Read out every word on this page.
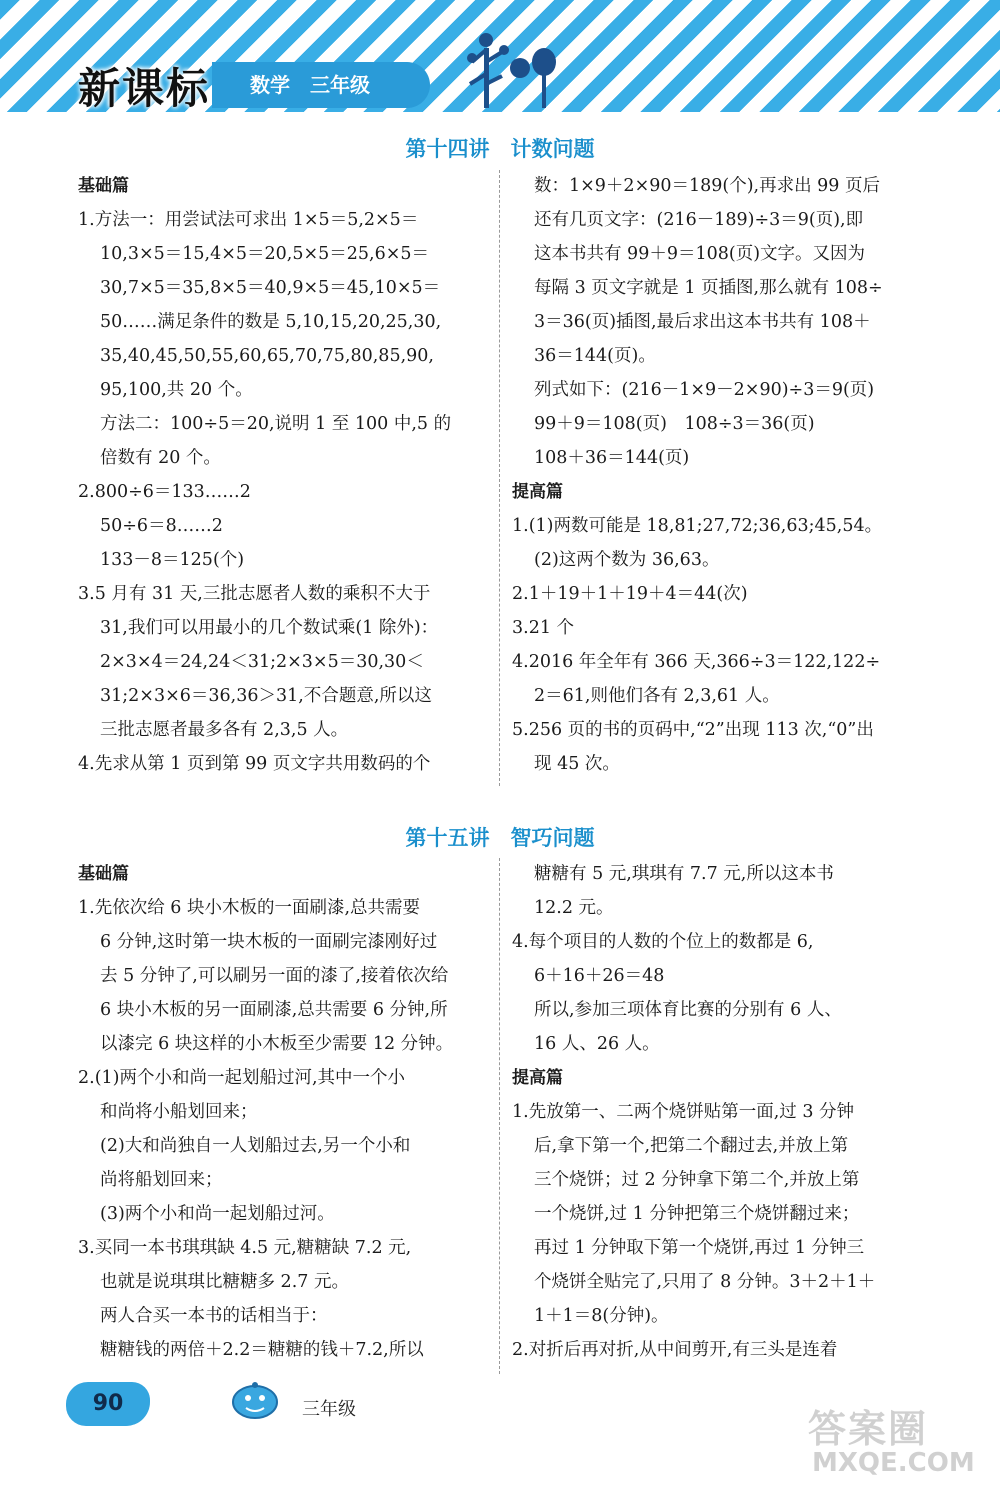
新课标	数学　三年级
第十四讲　计数问题

基础篇

1.方法一：用尝试法可求出 1×5＝5,2×5＝

10,3×5＝15,4×5＝20,5×5＝25,6×5＝

30,7×5＝35,8×5＝40,9×5＝45,10×5＝

50……满足条件的数是 5,10,15,20,25,30,

35,40,45,50,55,60,65,70,75,80,85,90,

95,100,共 20 个。

方法二：100÷5＝20,说明 1 至 100 中,5 的

倍数有 20 个。

2.800÷6＝133……2

50÷6＝8……2

133－8＝125(个)

3.5 月有 31 天,三批志愿者人数的乘积不大于

31,我们可以用最小的几个数试乘(1 除外)：

2×3×4＝24,24＜31;2×3×5＝30,30＜

31;2×3×6＝36,36＞31,不合题意,所以这

三批志愿者最多各有 2,3,5 人。

4.先求从第 1 页到第 99 页文字共用数码的个

数：1×9＋2×90＝189(个),再求出 99 页后

还有几页文字：(216－189)÷3＝9(页),即

这本书共有 99＋9＝108(页)文字。又因为

每隔 3 页文字就是 1 页插图,那么就有 108÷

3＝36(页)插图,最后求出这本书共有 108＋

36＝144(页)。

列式如下：(216－1×9－2×90)÷3＝9(页)

99＋9＝108(页)　108÷3＝36(页)

108＋36＝144(页)

提高篇

1.(1)两数可能是 18,81;27,72;36,63;45,54。

(2)这两个数为 36,63。

2.1＋19＋1＋19＋4＝44(次)

3.21 个

4.2016 年全年有 366 天,366÷3＝122,122÷

2＝61,则他们各有 2,3,61 人。

5.256 页的书的页码中,“2”出现 113 次,“0”出

现 45 次。

第十五讲　智巧问题

基础篇

1.先依次给 6 块小木板的一面刷漆,总共需要

6 分钟,这时第一块木板的一面刷完漆刚好过

去 5 分钟了,可以刷另一面的漆了,接着依次给

6 块小木板的另一面刷漆,总共需要 6 分钟,所

以漆完 6 块这样的小木板至少需要 12 分钟。

2.(1)两个小和尚一起划船过河,其中一个小

和尚将小船划回来；

(2)大和尚独自一人划船过去,另一个小和

尚将船划回来；

(3)两个小和尚一起划船过河。

3.买同一本书琪琪缺 4.5 元,糖糖缺 7.2 元,

也就是说琪琪比糖糖多 2.7 元。

两人合买一本书的话相当于：

糖糖钱的两倍＋2.2＝糖糖的钱＋7.2,所以

糖糖有 5 元,琪琪有 7.7 元,所以这本书

12.2 元。

4.每个项目的人数的个位上的数都是 6,

6＋16＋26＝48

所以,参加三项体育比赛的分别有 6 人、

16 人、26 人。

提高篇

1.先放第一、二两个烧饼贴第一面,过 3 分钟

后,拿下第一个,把第二个翻过去,并放上第

三个烧饼；过 2 分钟拿下第二个,并放上第

一个烧饼,过 1 分钟把第三个烧饼翻过来；

再过 1 分钟取下第一个烧饼,再过 1 分钟三

个烧饼全贴完了,只用了 8 分钟。3＋2＋1＋

1＋1＝8(分钟)。

2.对折后再对折,从中间剪开,有三头是连着

90	三年级	答案圈
MXQE.COM
